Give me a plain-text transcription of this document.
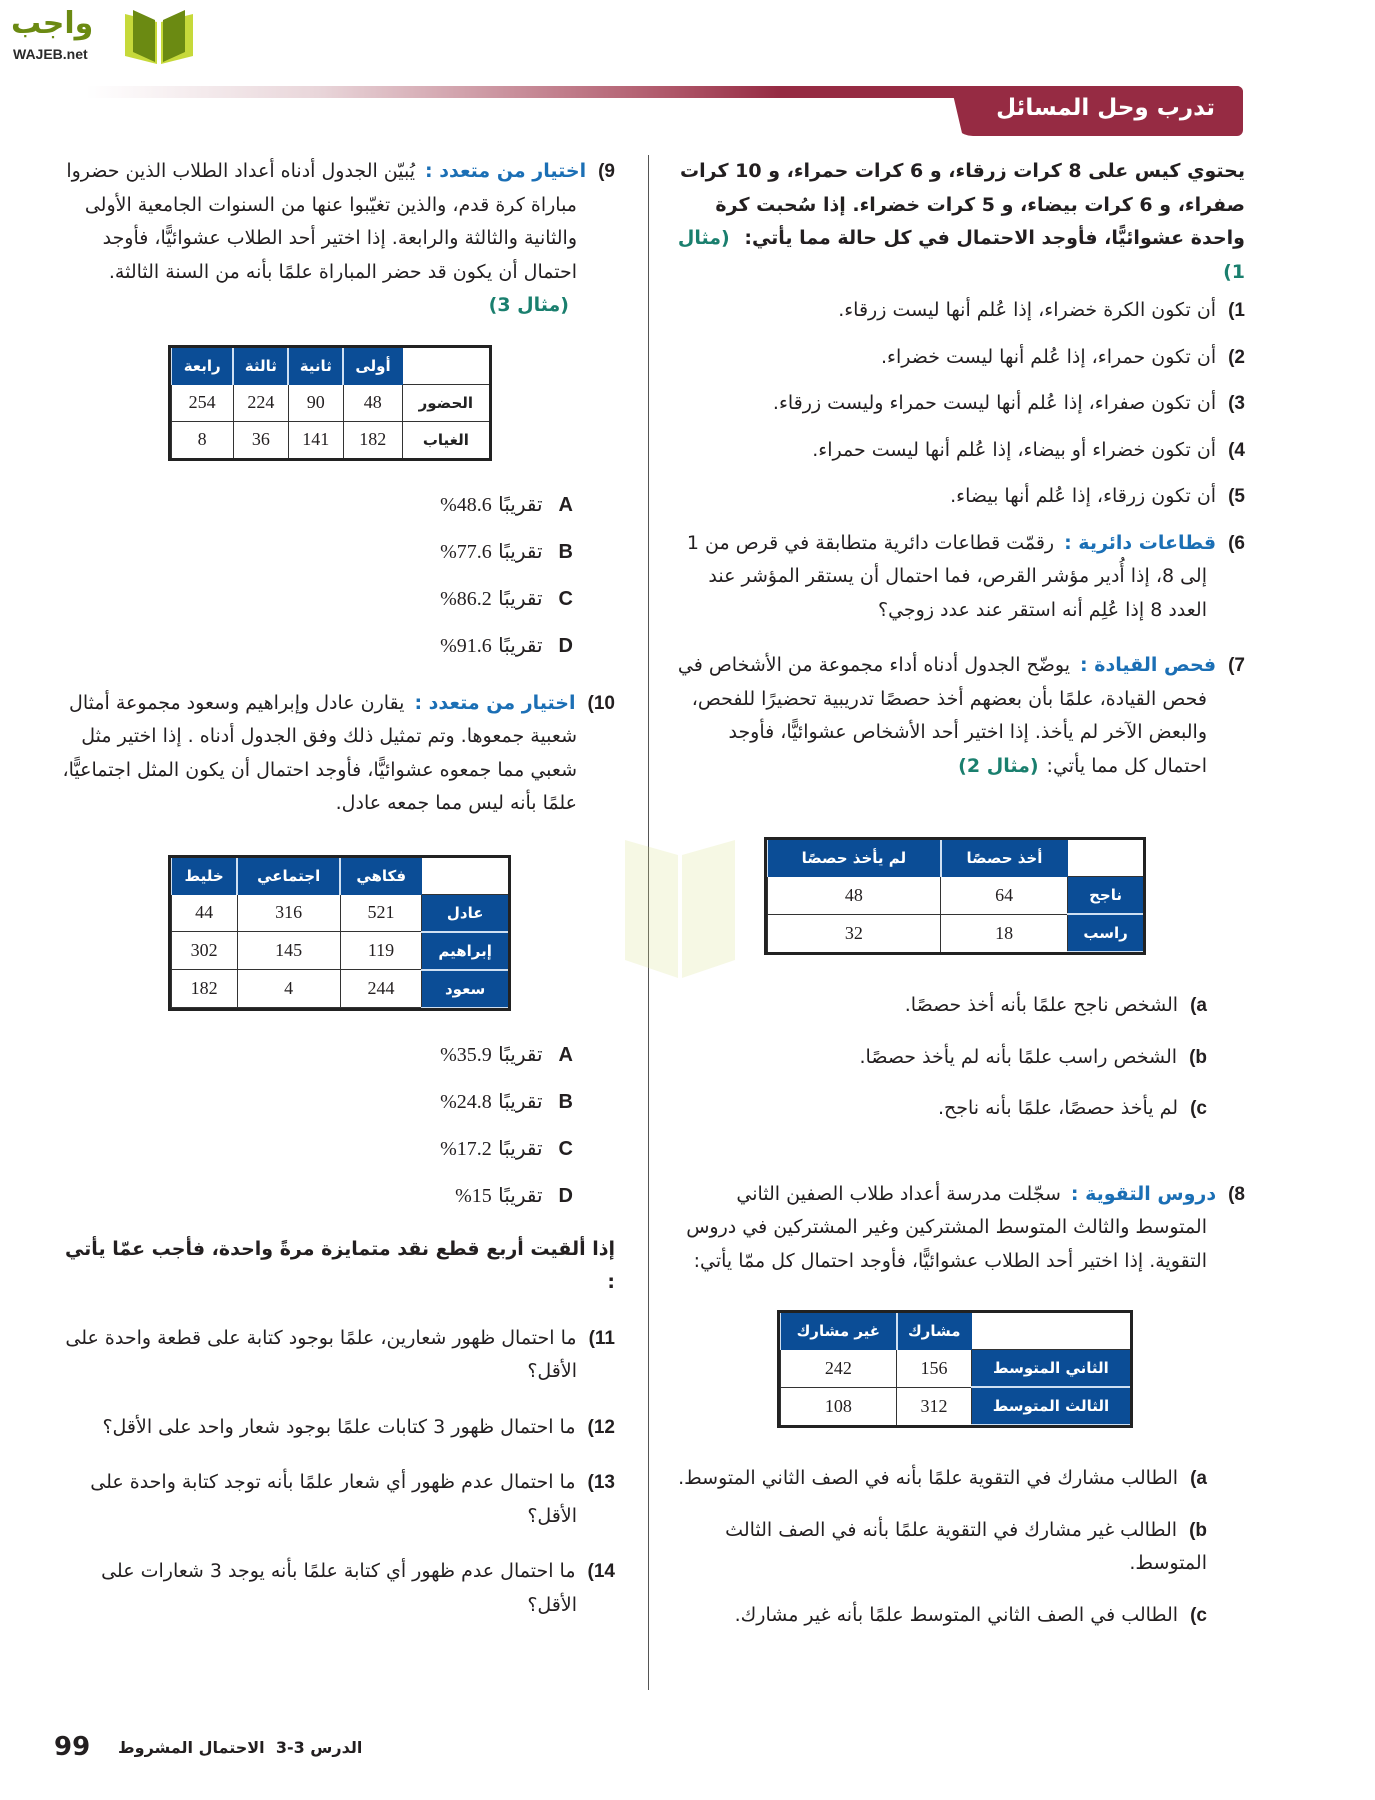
واجب
WAJEB.net
تدرب وحل المسائل
يحتوي كيس على 8 كرات زرقاء، و 6 كرات حمراء، و 10 كرات صفراء، و 6 كرات بيضاء، و 5 كرات خضراء. إذا سُحبت كرة واحدة عشوائيًّا، فأوجد الاحتمال في كل حالة مما يأتي: (مثال 1)
1)أن تكون الكرة خضراء، إذا عُلم أنها ليست زرقاء.
2)أن تكون حمراء، إذا عُلم أنها ليست خضراء.
3)أن تكون صفراء، إذا عُلم أنها ليست حمراء وليست زرقاء.
4)أن تكون خضراء أو بيضاء، إذا عُلم أنها ليست حمراء.
5)أن تكون زرقاء، إذا عُلم أنها بيضاء.
6)قطاعات دائرية :رقمّت قطاعات دائرية متطابقة في قرص من 1 إلى 8، إذا أُدير مؤشر القرص، فما احتمال أن يستقر المؤشر عند العدد 8 إذا عُلِم أنه استقر عند عدد زوجي؟
7)فحص القيادة :يوضّح الجدول أدناه أداء مجموعة من الأشخاص في فحص القيادة، علمًا بأن بعضهم أخذ حصصًا تدريبية تحضيرًا للفحص، والبعض الآخر لم يأخذ. إذا اختير أحد الأشخاص عشوائيًّا، فأوجد احتمال كل مما يأتي:(مثال 2)
	أخذ حصصًا	لم يأخذ حصصًا
ناجح	64	48
راسب	18	32
a)الشخص ناجح علمًا بأنه أخذ حصصًا.
b)الشخص راسب علمًا بأنه لم يأخذ حصصًا.
c)لم يأخذ حصصًا، علمًا بأنه ناجح.
8)دروس التقوية :سجّلت مدرسة أعداد طلاب الصفين الثاني المتوسط والثالث المتوسط المشتركين وغير المشتركين في دروس التقوية. إذا اختير أحد الطلاب عشوائيًّا، فأوجد احتمال كل ممّا يأتي:
	مشارك	غير مشارك
الثاني المتوسط	156	242
الثالث المتوسط	312	108
a)الطالب مشارك في التقوية علمًا بأنه في الصف الثاني المتوسط.
b)الطالب غير مشارك في التقوية علمًا بأنه في الصف الثالث المتوسط.
c)الطالب في الصف الثاني المتوسط علمًا بأنه غير مشارك.
9)اختيار من متعدد :يُبيّن الجدول أدناه أعداد الطلاب الذين حضروا مباراة كرة قدم، والذين تغيّبوا عنها من السنوات الجامعية الأولى والثانية والثالثة والرابعة. إذا اختير أحد الطلاب عشوائيًّا، فأوجد احتمال أن يكون قد حضر المباراة علمًا بأنه من السنة الثالثة.
(مثال 3)
	أولى	ثانية	ثالثة	رابعة
الحضور	48	90	224	254
الغياب	182	141	36	8
Aتقريبًا 48.6%
Bتقريبًا 77.6%
Cتقريبًا 86.2%
Dتقريبًا 91.6%
10)اختيار من متعدد :يقارن عادل وإبراهيم وسعود مجموعة أمثال شعبية جمعوها. وتم تمثيل ذلك وفق الجدول أدناه . إذا اختير مثل شعبي مما جمعوه عشوائيًّا، فأوجد احتمال أن يكون المثل اجتماعيًّا، علمًا بأنه ليس مما جمعه عادل.
	فكاهي	اجتماعي	خليط
عادل	521	316	44
إبراهيم	119	145	302
سعود	244	4	182
Aتقريبًا 35.9%
Bتقريبًا 24.8%
Cتقريبًا 17.2%
Dتقريبًا 15%
إذا ألقيت أربع قطع نقد متمايزة مرةً واحدة، فأجب عمّا يأتي :
11)ما احتمال ظهور شعارين، علمًا بوجود كتابة على قطعة واحدة على الأقل؟
12)ما احتمال ظهور 3 كتابات علمًا بوجود شعار واحد على الأقل؟
13)ما احتمال عدم ظهور أي شعار علمًا بأنه توجد كتابة واحدة على الأقل؟
14)ما احتمال عدم ظهور أي كتابة علمًا بأنه يوجد 3 شعارات على الأقل؟
99	الدرس 3-3  الاحتمال المشروط
